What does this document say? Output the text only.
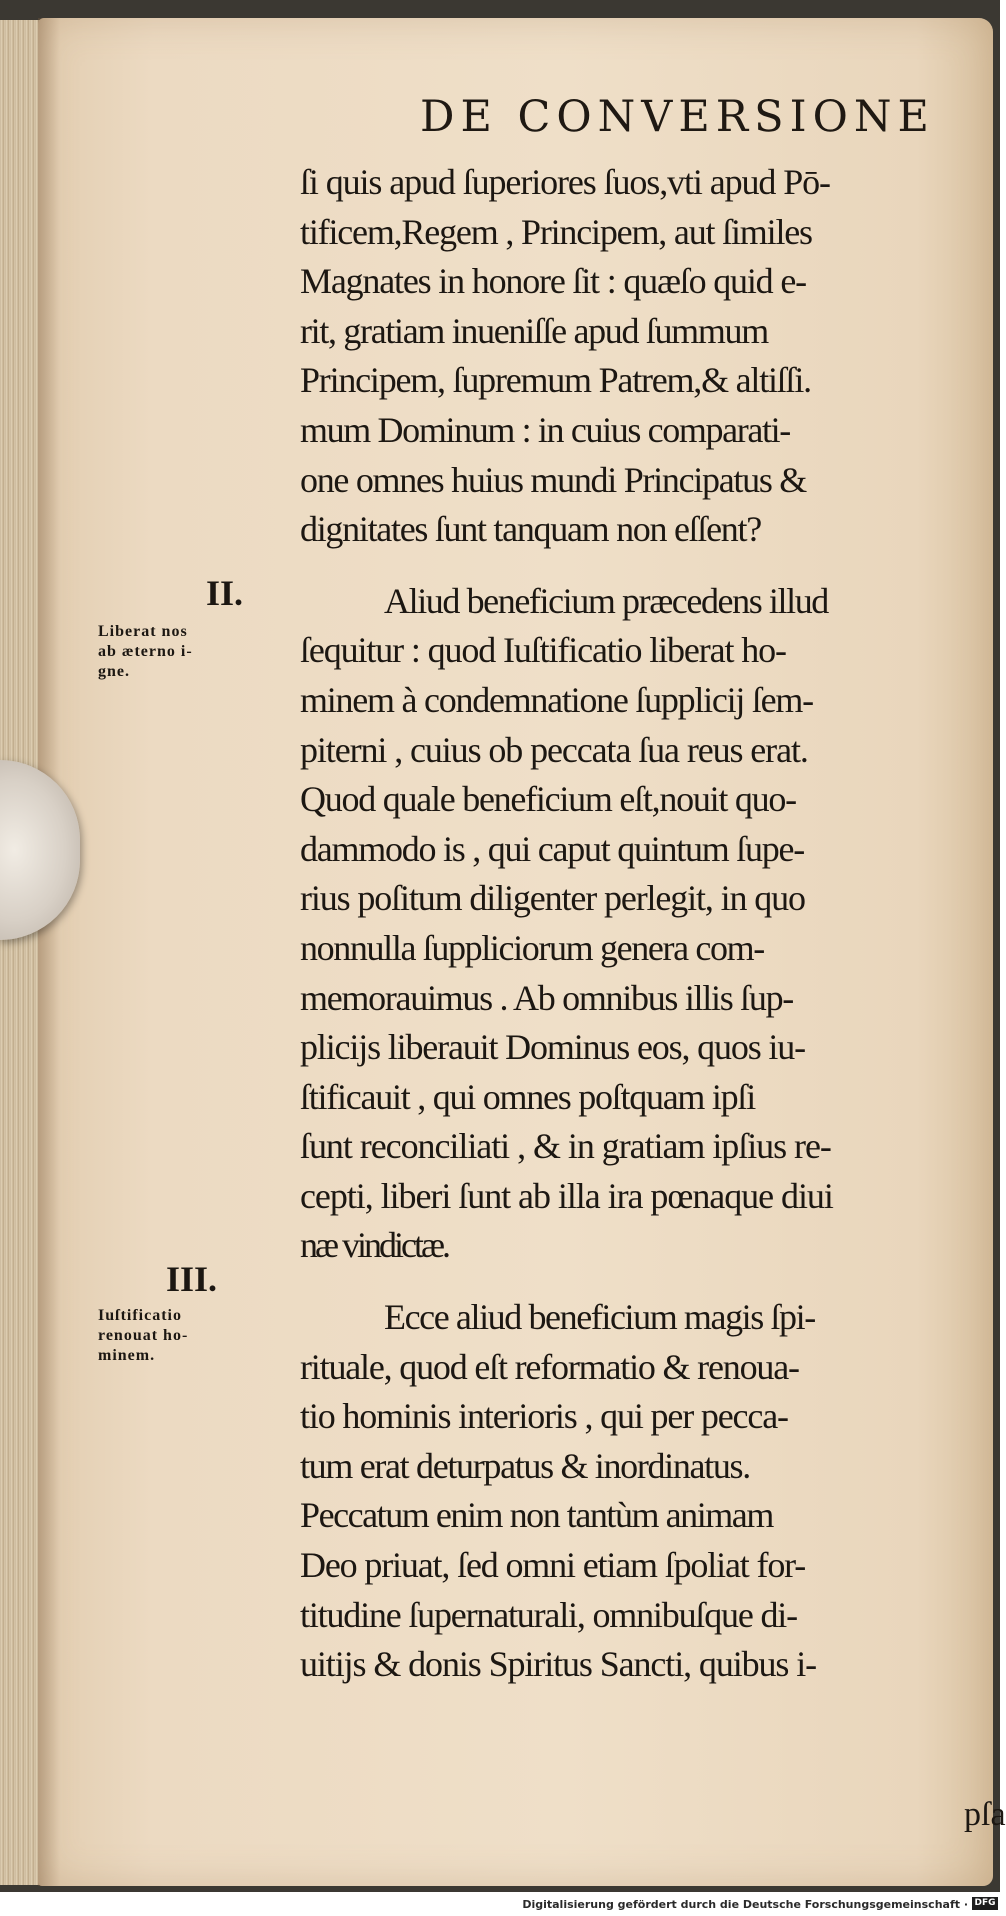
DE CONVERSIONE
II.
Liberat nos
ab æterno i-
gne.
III.
Iuſtificatio
renouat ho-
minem.
ſi quis apud ſuperiores ſuos,vti apud Pō-
tificem,Regem , Principem, aut ſimiles
Magnates in honore ſit : quæſo quid e-
rit, gratiam inueniſſe apud ſummum
Principem, ſupremum Patrem,& altiſſi.
mum Dominum : in cuius comparati-
one omnes huius mundi Principatus &
dignitates ſunt tanquam non eſſent?
Aliud beneficium præcedens illud
ſequitur : quod Iuſtificatio liberat ho-
minem à condemnatione ſupplicij ſem-
piterni , cuius ob peccata ſua reus erat.
Quod quale beneficium eſt,nouit quo-
dammodo is , qui caput quintum ſupe-
rius poſitum diligenter perlegit, in quo
nonnulla ſuppliciorum genera com-
memorauimus . Ab omnibus illis ſup-
plicijs liberauit Dominus eos, quos iu-
ſtificauit , qui omnes poſtquam ipſi
ſunt reconciliati , & in gratiam ipſius re-
cepti, liberi ſunt ab illa ira pœnaque diui
næ vindictæ.
Ecce aliud beneficium magis ſpi-
rituale, quod eſt reformatio & renoua-
tio hominis interioris , qui per pecca-
tum erat deturpatus & inordinatus.
Peccatum enim non tantùm animam
Deo priuat, ſed omni etiam ſpoliat for-
titudine ſupernaturali, omnibuſque di-
uitijs & donis Spiritus Sancti, quibus i-
pſa
Digitalisierung gefördert durch die Deutsche Forschungsgemeinschaft · DFG
